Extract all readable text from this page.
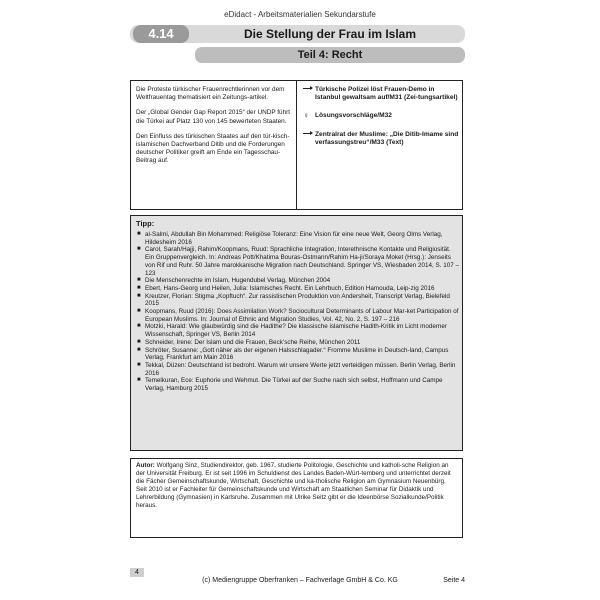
eDidact - Arbeitsmaterialien Sekundarstufe
4.14	Die Stellung der Frau im Islam
Teil 4: Recht

Die Proteste türkischer Frauenrechtlerinnen vor dem Weltfrauentag thematisiert ein Zeitungs-artikel.

Der „Global Gender Gap Report 2015“ der UNDP führt die Türkei auf Platz 130 von 145 bewerteten Staaten.

Den Einfluss des türkischen Staates auf den tür-kisch-islamischen Dachverband Ditib und die Forderungen deutscher Politiker greift am Ende ein Tagesschau-Beitrag auf.

Türkische Polizei löst Frauen-Demo in Istanbul gewaltsam auf/M31 (Zei-tungsartikel)
♀ Lösungsvorschläge/M32
Zentralrat der Muslime: „Die Ditib-Imame sind verfassungstreu“/M33 (Text)
Tipp:
■ al-Salmi, Abdullah Bin Mohammed: Religiöse Toleranz: Eine Vision für eine neue Welt, Georg Olms Verlag, Hildesheim 2016
■ Carol, Sarah/Hajji, Rahim/Koopmans, Ruud: Sprachliche Integration, Interethnische Kontakte und Religiosität. Ein Gruppenvergleich. In: Andreas Pott/Khatima Bouras-Ostmann/Rahim Ha-ji/Soraya Moket (Hrsg.): Jenseits von Rif und Ruhr. 50 Jahre marokkanische Migration nach Deutschland. Springer VS, Wiesbaden 2014, S. 107 – 123
■ Die Menschenrechte im Islam, Hugendubel Verlag, München 2004
■ Ebert, Hans-Georg und Heilen, Julia: Islamisches Recht. Ein Lehrbuch, Edition Hamouda, Leip-zig 2016
■ Kreutzer, Florian: Stigma „Kopftuch“. Zur rassistischen Produktion von Andersheit, Transcript Verlag, Bielefeld 2015
■ Koopmans, Ruud (2016): Does Assimilation Work? Sociocultural Determinants of Labour Mar-ket Participation of European Muslims. In: Journal of Ethnic and Migration Studies, Vol. 42, No. 2, S. 197 – 216
■ Motzki, Harald: Wie glaubwürdig sind die Hadithe? Die klassische islamische Hadith-Kritik im Licht moderner Wissenschaft, Springer VS, Berlin 2014
■ Schneider, Irene: Der Islam und die Frauen, Beck’sche Reihe, München 2011
■ Schröter, Susanne: „Gott näher als der eigenen Halsschlagader.“ Fromme Muslime in Deutsch-land, Campus Verlag, Frankfurt am Main 2016
■ Tekkal, Düzen: Deutschland ist bedroht. Warum wir unsere Werte jetzt verteidigen müssen. Berlin Verlag, Berlin 2016
■ Temelkuran, Ece: Euphorie und Wehmut. Die Türkei auf der Suche nach sich selbst, Hoffmann und Campe Verlag, Hamburg 2015
Autor: Wolfgang Sinz, Studiendirektor, geb. 1967, studierte Politologie, Geschichte und katholi-sche Religion an der Universität Freiburg. Er ist seit 1996 im Schuldienst des Landes Baden-Würt-temberg und unterrichtet derzeit die Fächer Gemeinschaftskunde, Wirtschaft, Geschichte und ka-tholische Religion am Gymnasium Neuenbürg. Seit 2010 ist er Fachleiter für Gemeinschaftskunde und Wirtschaft am Staatlichen Seminar für Didaktik und Lehrerbildung (Gymnasien) in Karlsruhe. Zusammen mit Ulrike Seitz gibt er die Ideenbörse Sozialkunde/Politik heraus.
4
(c) Mediengruppe Oberfranken – Fachverlage GmbH & Co. KG	Seite 4
